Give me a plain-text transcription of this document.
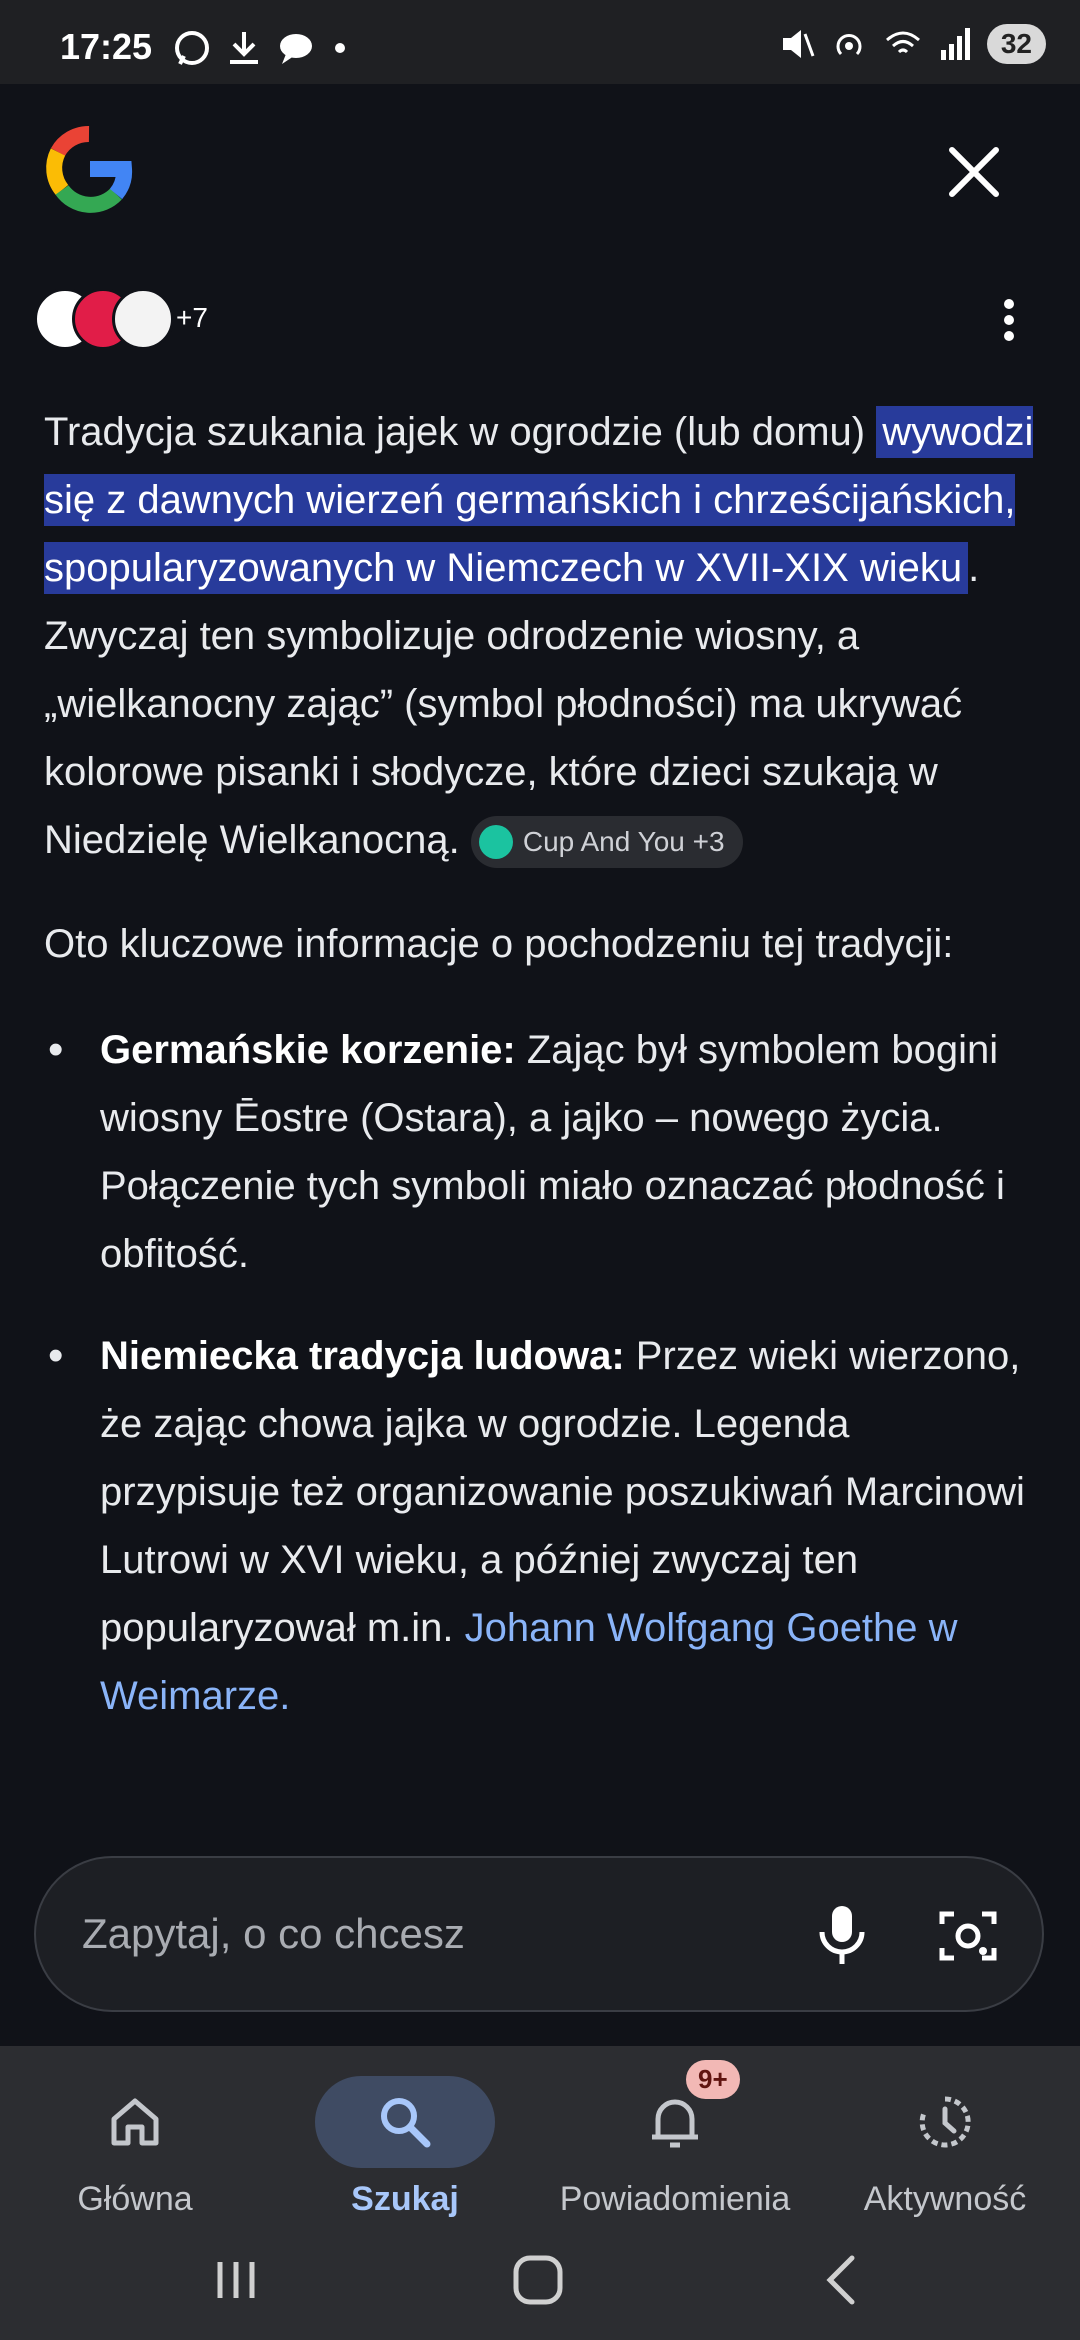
17:25	32
+7
Tradycja szukania jajek w ogrodzie (lub domu) wywodzi się z dawnych wierzeń germańskich i chrześcijańskich, spopularyzowanych w Niemczech w XVII-XIX wieku . Zwyczaj ten symbolizuje odrodzenie wiosny, a „wielkanocny zając” (symbol płodności) ma ukrywać kolorowe pisanki i słodycze, które dzieci szukają w Niedzielę Wielkanocną. Cup And You +3
Oto kluczowe informacje o pochodzeniu tej tradycji:
• Germańskie korzenie: Zając był symbolem bogini wiosny Ēostre (Ostara), a jajko – nowego życia. Połączenie tych symboli miało oznaczać płodność i obfitość.
• Niemiecka tradycja ludowa: Przez wieki wierzono, że zając chowa jajka w ogrodzie. Legenda przypisuje też organizowanie poszukiwań Marcinowi Lutrowi w XVI wieku, a później zwyczaj ten popularyzował m.in. Johann Wolfgang Goethe w Weimarze.
Zapytaj, o co chcesz
Główna	Szukaj
9+
Powiadomienia	Aktywność
